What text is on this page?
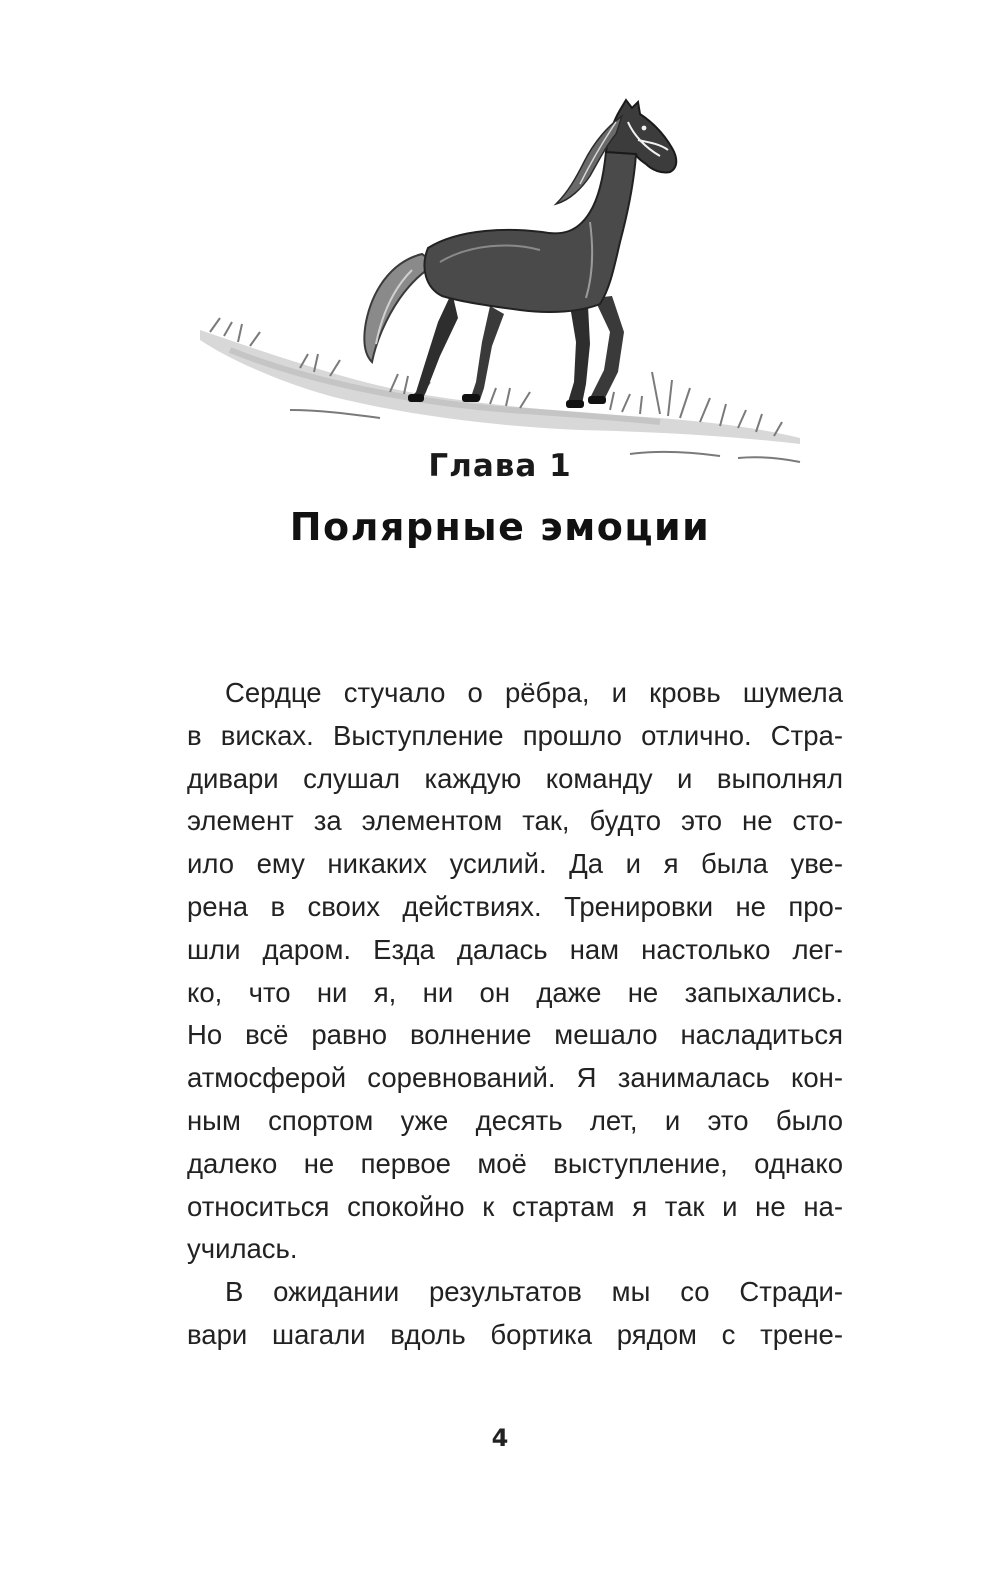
Глава 1
Полярные эмоции
Сердце стучало о рёбра, и кровь шумела
в висках. Выступление прошло отлично. Стра-
дивари слушал каждую команду и выполнял
элемент за элементом так, будто это не сто-
ило ему никаких усилий. Да и я была уве-
рена в своих действиях. Тренировки не про-
шли даром. Езда далась нам настолько лег-
ко, что ни я, ни он даже не запыхались.
Но всё равно волнение мешало насладиться
атмосферой соревнований. Я занималась кон-
ным спортом уже десять лет, и это было
далеко не первое моё выступление, однако
относиться спокойно к стартам я так и не на-
училась.
В ожидании результатов мы со Стради-
вари шагали вдоль бортика рядом с трене-
4
